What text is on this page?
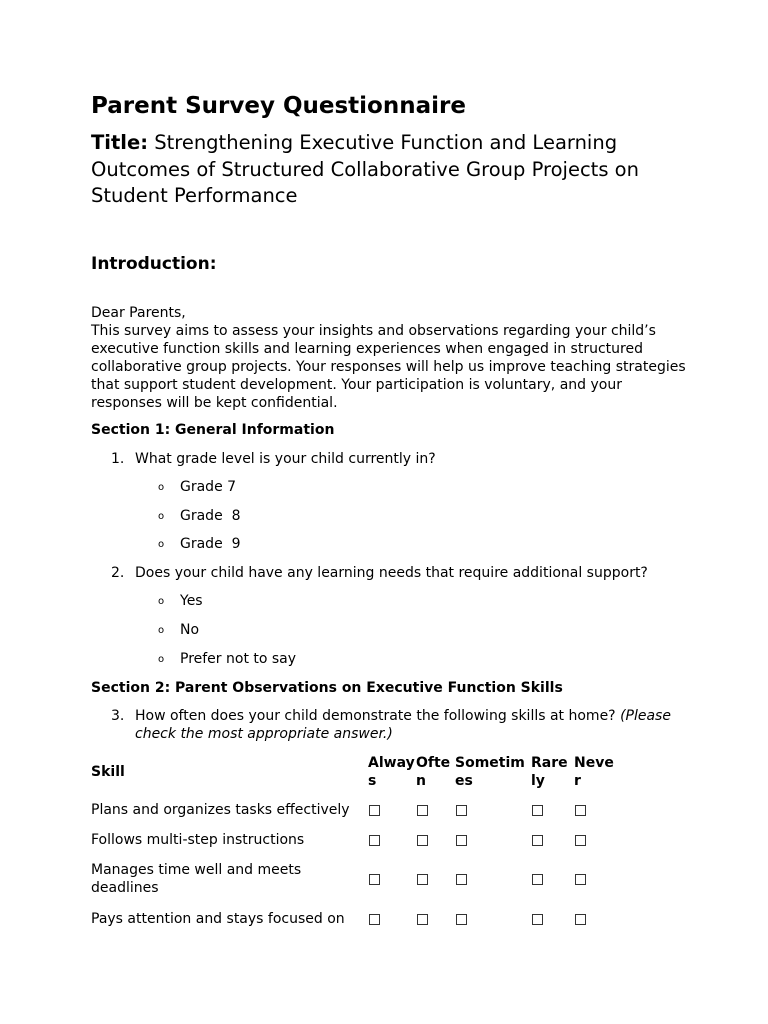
Parent Survey Questionnaire

Title: Strengthening Executive Function and Learning Outcomes of Structured Collaborative Group Projects on Student Performance

Introduction:
Dear Parents,
This survey aims to assess your insights and observations regarding your child’s executive function skills and learning experiences when engaged in structured collaborative group projects. Your responses will help us improve teaching strategies that support student development. Your participation is voluntary, and your responses will be kept confidential.
Section 1: General Information
1. What grade level is your child currently in?
o Grade 7
o Grade  8
o Grade  9
2. Does your child have any learning needs that require additional support?
o Yes
o No
o Prefer not to say
Section 2: Parent Observations on Executive Function Skills
3. How often does your child demonstrate the following skills at home? (Please check the most appropriate answer.)
Skill
Always
Often
Sometimes
Rarely
Never
Plans and organizes tasks effectively
Follows multi-step instructions
Manages time well and meets deadlines
Pays attention and stays focused on
